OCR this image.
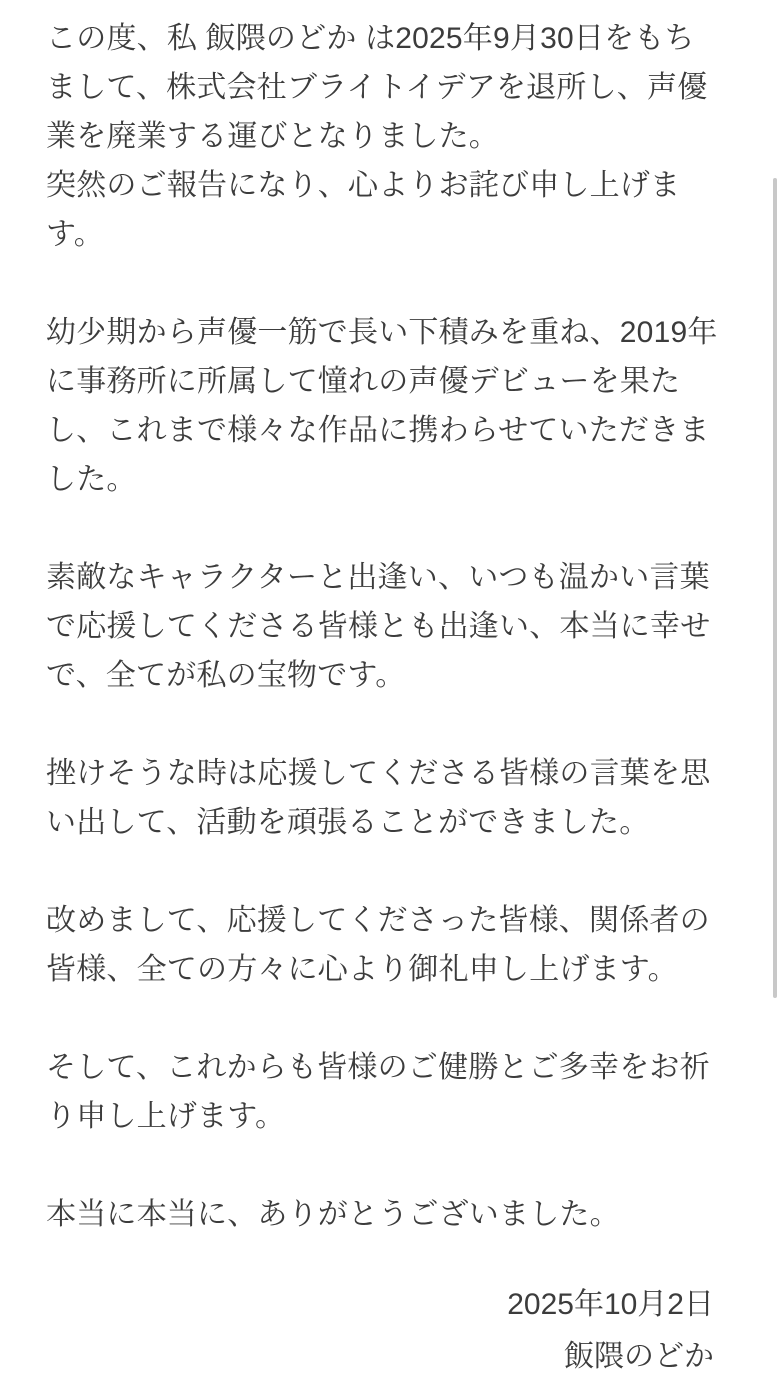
この度、私 飯隈のどか は2025年9月30日をもちまして、株式会社ブライトイデアを退所し、声優業を廃業する運びとなりました。

突然のご報告になり、心よりお詫び申し上げます。

幼少期から声優一筋で長い下積みを重ね、2019年に事務所に所属して憧れの声優デビューを果たし、これまで様々な作品に携わらせていただきました。

素敵なキャラクターと出逢い、いつも温かい言葉で応援してくださる皆様とも出逢い、本当に幸せで、全てが私の宝物です。

挫けそうな時は応援してくださる皆様の言葉を思い出して、活動を頑張ることができました。

改めまして、応援してくださった皆様、関係者の皆様、全ての方々に心より御礼申し上げます。

そして、これからも皆様のご健勝とご多幸をお祈り申し上げます。

本当に本当に、ありがとうございました。

2025年10月2日

飯隈のどか
